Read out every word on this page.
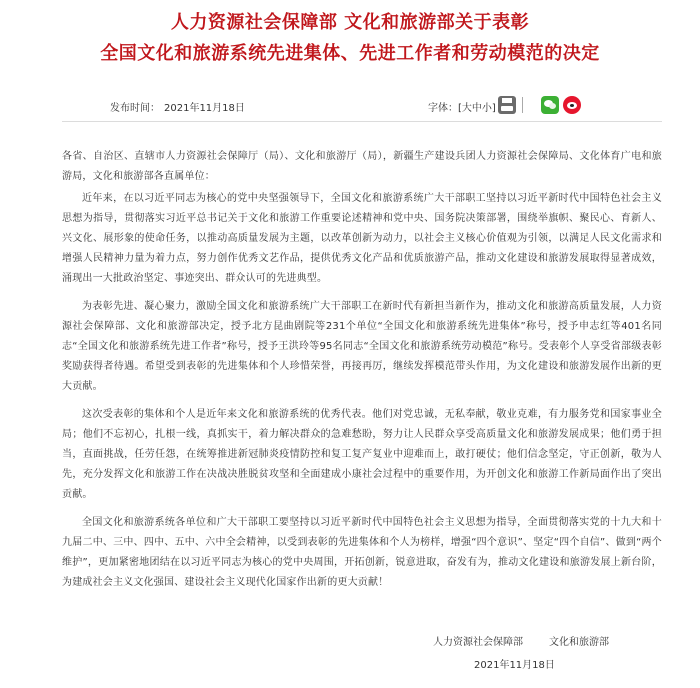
人力资源社会保障部 文化和旅游部关于表彰
全国文化和旅游系统先进集体、先进工作者和劳动模范的决定
发布时间： 2021年11月18日	字体：[大中小]

各省、自治区、直辖市人力资源社会保障厅（局）、文化和旅游厅（局），新疆生产建设兵团人力资源社会保障局、文化体育广电和旅游局，文化和旅游部各直属单位：

近年来，在以习近平同志为核心的党中央坚强领导下，全国文化和旅游系统广大干部职工坚持以习近平新时代中国特色社会主义思想为指导，贯彻落实习近平总书记关于文化和旅游工作重要论述精神和党中央、国务院决策部署，围绕举旗帜、聚民心、育新人、兴文化、展形象的使命任务，以推动高质量发展为主题，以改革创新为动力，以社会主义核心价值观为引领，以满足人民文化需求和增强人民精神力量为着力点，努力创作优秀文艺作品，提供优秀文化产品和优质旅游产品，推动文化建设和旅游发展取得显著成效，涌现出一大批政治坚定、事迹突出、群众认可的先进典型。

为表彰先进、凝心聚力，激励全国文化和旅游系统广大干部职工在新时代有新担当新作为，推动文化和旅游高质量发展，人力资源社会保障部、文化和旅游部决定，授予北方昆曲剧院等231个单位“全国文化和旅游系统先进集体”称号，授予申志红等401名同志“全国文化和旅游系统先进工作者”称号，授予王洪玲等95名同志“全国文化和旅游系统劳动模范”称号。受表彰个人享受省部级表彰奖励获得者待遇。希望受到表彰的先进集体和个人珍惜荣誉，再接再厉，继续发挥模范带头作用，为文化建设和旅游发展作出新的更大贡献。

这次受表彰的集体和个人是近年来文化和旅游系统的优秀代表。他们对党忠诚，无私奉献，敬业克难，有力服务党和国家事业全局；他们不忘初心，扎根一线，真抓实干，着力解决群众的急难愁盼，努力让人民群众享受高质量文化和旅游发展成果；他们勇于担当，直面挑战，任劳任怨，在统筹推进新冠肺炎疫情防控和复工复产复业中迎难而上，敢打硬仗；他们信念坚定，守正创新，敬为人先，充分发挥文化和旅游工作在决战决胜脱贫攻坚和全面建成小康社会过程中的重要作用，为开创文化和旅游工作新局面作出了突出贡献。

全国文化和旅游系统各单位和广大干部职工要坚持以习近平新时代中国特色社会主义思想为指导，全面贯彻落实党的十九大和十九届二中、三中、四中、五中、六中全会精神，以受到表彰的先进集体和个人为榜样，增强“四个意识”、坚定“四个自信”、做到“两个维护”，更加紧密地团结在以习近平同志为核心的党中央周围，开拓创新，锐意进取，奋发有为，推动文化建设和旅游发展上新台阶，为建成社会主义文化强国、建设社会主义现代化国家作出新的更大贡献！

人力资源社会保障部	文化和旅游部
2021年11月18日
